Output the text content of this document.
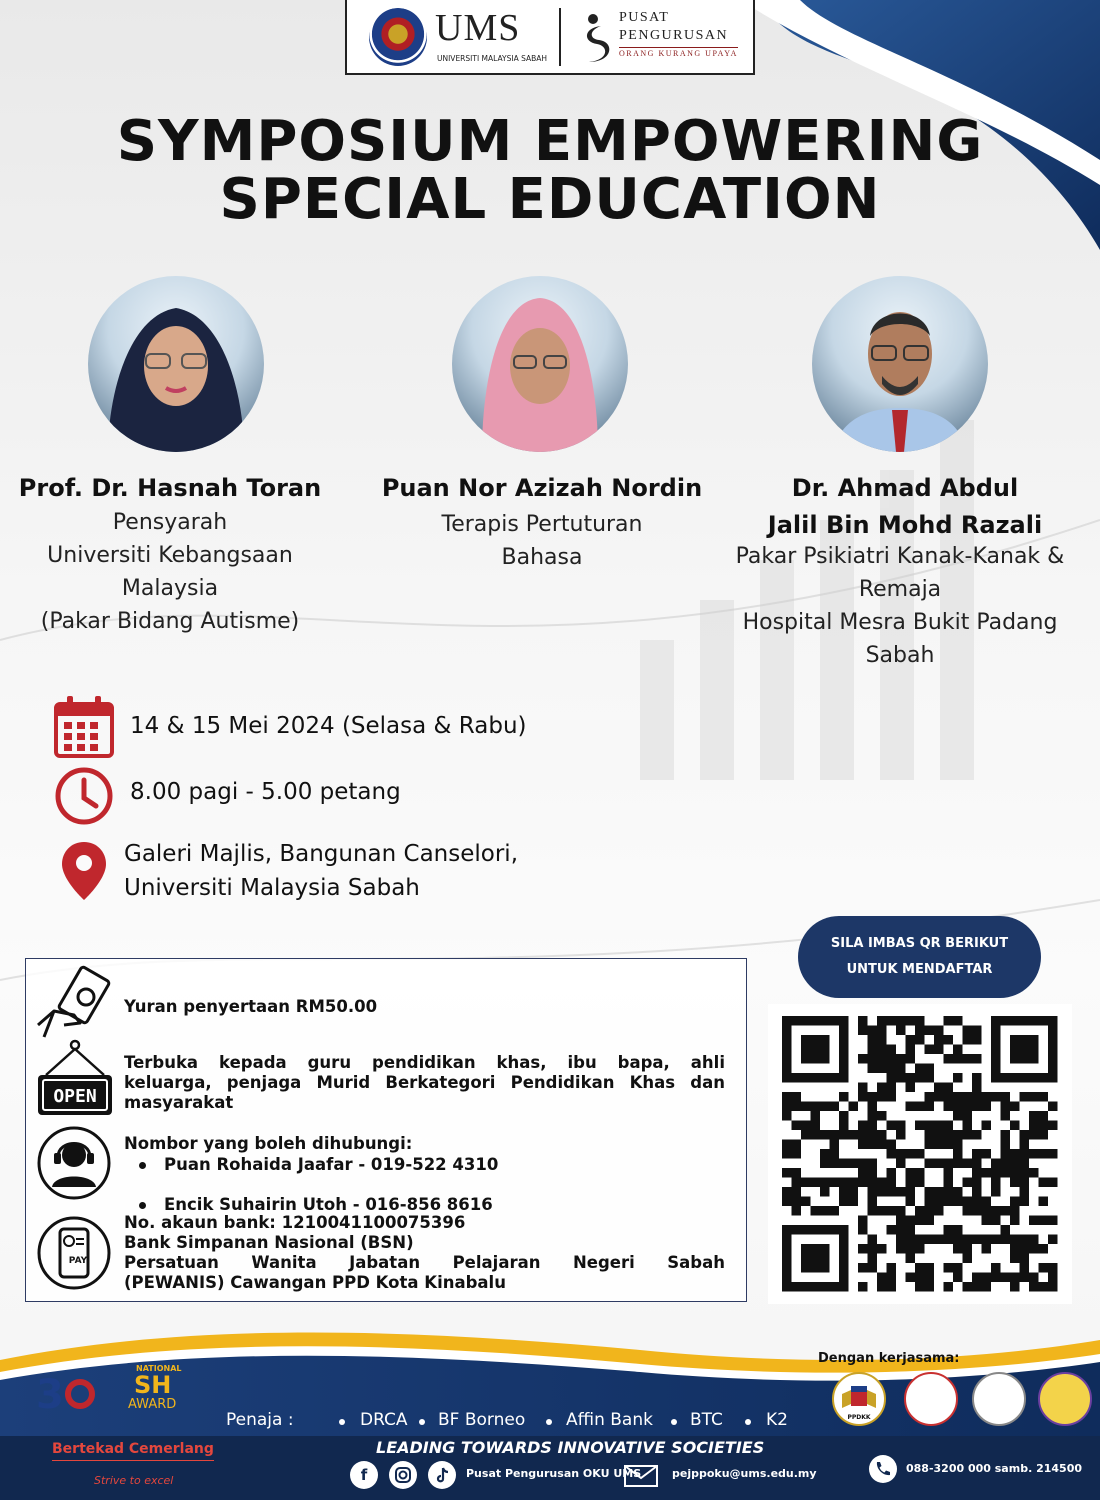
UMS
UNIVERSITI MALAYSIA SABAH
PUSAT
PENGURUSAN
ORANG KURANG UPAYA
SYMPOSIUM EMPOWERING
SPECIAL EDUCATION
Prof. Dr. Hasnah Toran
Pensyarah
Universiti Kebangsaan
Malaysia
(Pakar Bidang Autisme)
Puan Nor Azizah Nordin
Terapis Pertuturan
Bahasa
Dr. Ahmad Abdul
Jalil Bin Mohd Razali
Pakar Psikiatri Kanak-Kanak &
Remaja
Hospital Mesra Bukit Padang
Sabah
14 & 15 Mei 2024 (Selasa & Rabu)
8.00 pagi - 5.00 petang
Galeri Majlis, Bangunan Canselori,
Universiti Malaysia Sabah
Yuran penyertaan RM50.00
OPEN
Terbuka kepada guru pendidikan khas, ibu bapa, ahli
keluarga, penjaga Murid Berkategori Pendidikan Khas dan
masyarakat
Nombor yang boleh dihubungi:
Puan Rohaida Jaafar - 019-522 4310
Encik Suhairin Utoh - 016-856 8616
PAY
No. akaun bank: 1210041100075396
Bank Simpanan Nasional (BSN)
Persatuan Wanita Jabatan Pelajaran Negeri Sabah
(PEWANIS) Cawangan PPD Kota Kinabalu
SILA IMBAS QR BERIKUT
UNTUK MENDAFTAR
Dengan kerjasama:
PPDKK
3
NATIONAL
SH
AWARD
Penaja :	DRCA BF Borneo Affin Bank BTC	K2
LEADING TOWARDS INNOVATIVE SOCIETIES
Bertekad Cemerlang
Strive to excel	f	Pusat Pengurusan OKU UMS	pejppoku@ums.edu.my	088-3200 000 samb. 214500
